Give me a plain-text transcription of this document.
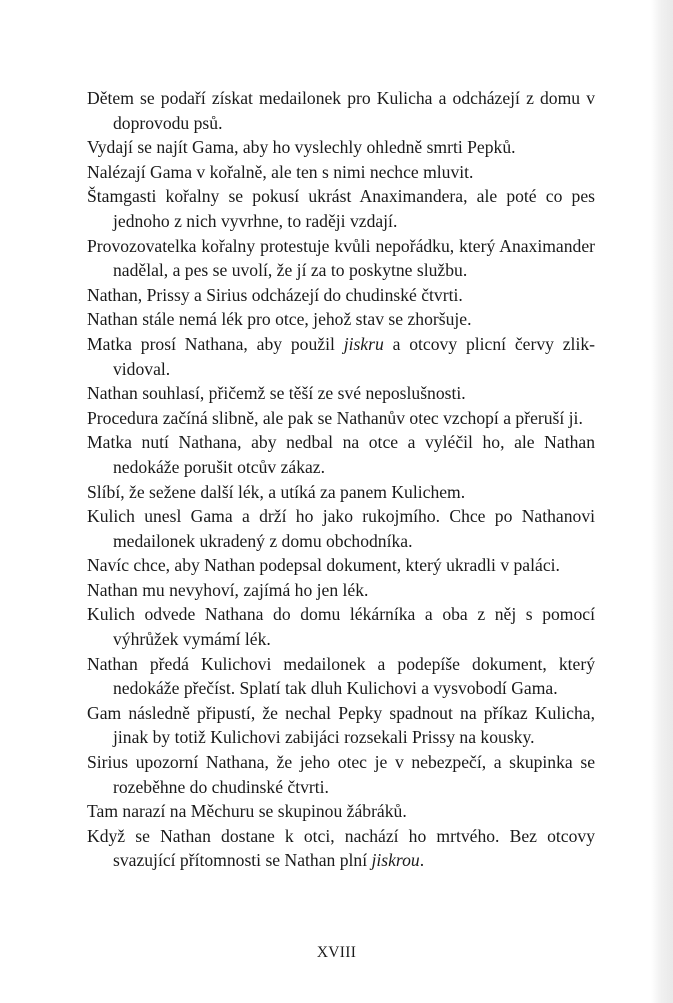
Dětem se podaří získat medailonek pro Kulicha a odcházejí z domu v doprovodu psů.

Vydají se najít Gama, aby ho vyslechly ohledně smrti Pepků.

Nalézají Gama v kořalně, ale ten s nimi nechce mluvit.

Štamgasti kořalny se pokusí ukrást Anaximandera, ale poté co pes jednoho z nich vyvrhne, to raději vzdají.

Provozovatelka kořalny protestuje kvůli nepořádku, který Anaximander nadělal, a pes se uvolí, že jí za to poskytne službu.

Nathan, Prissy a Sirius odcházejí do chudinské čtvrti.

Nathan stále nemá lék pro otce, jehož stav se zhoršuje.

Matka prosí Nathana, aby použil jiskru a otcovy plicní červy zlikvidoval.

Nathan souhlasí, přičemž se těší ze své neposlušnosti.

Procedura začíná slibně, ale pak se Nathanův otec vzchopí a přeruší ji.

Matka nutí Nathana, aby nedbal na otce a vyléčil ho, ale Nathan nedokáže porušit otcův zákaz.

Slíbí, že sežene další lék, a utíká za panem Kulichem.

Kulich unesl Gama a drží ho jako rukojmího. Chce po Nathanovi medailonek ukradený z domu obchodníka.

Navíc chce, aby Nathan podepsal dokument, který ukradli v paláci.

Nathan mu nevyhoví, zajímá ho jen lék.

Kulich odvede Nathana do domu lékárníka a oba z něj s pomocí výhrůžek vymámí lék.

Nathan předá Kulichovi medailonek a podepíše dokument, který nedokáže přečíst. Splatí tak dluh Kulichovi a vysvobodí Gama.

Gam následně připustí, že nechal Pepky spadnout na příkaz Kulicha, jinak by totiž Kulichovi zabijáci rozsekali Prissy na kousky.

Sirius upozorní Nathana, že jeho otec je v nebezpečí, a skupinka se rozeběhne do chudinské čtvrti.

Tam narazí na Měchuru se skupinou žábráků.

Když se Nathan dostane k otci, nachází ho mrtvého. Bez otcovy svazující přítomnosti se Nathan plní jiskrou.

XVIII
